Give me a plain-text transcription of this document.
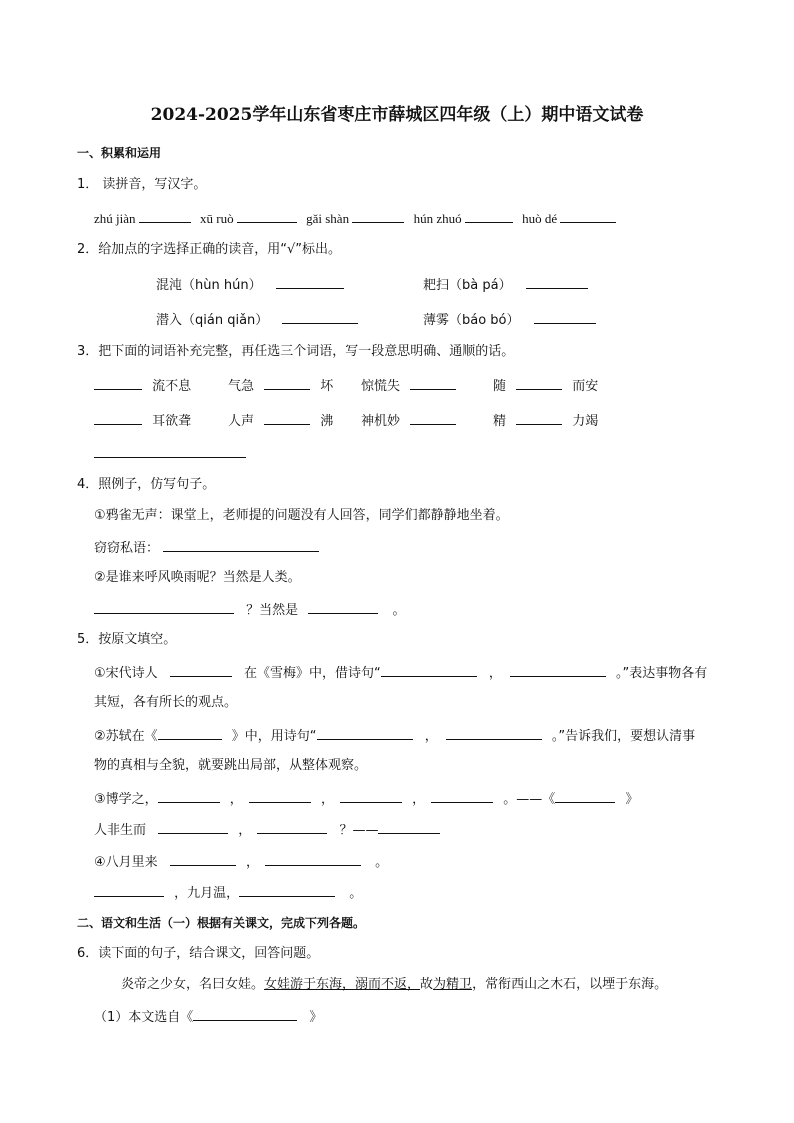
2024-2025学年山东省枣庄市薛城区四年级（上）期中语文试卷
一、积累和运用
1． 读拼音，写汉字。
zhú jiàn	xū ruò	gǎi shàn	hún zhuó	huò dé
2．给加点的字选择正确的读音，用“√”标出。
混沌（hùn hún）	耙扫（bà pá）
潜入（qián qiǎn）	薄雾（báo bó）
3．把下面的词语补充完整，再任选三个词语，写一段意思明确、通顺的话。
流不息	气急	坏 惊慌失	随	而安
耳欲聋	人声	沸 神机妙	精	力竭
4．照例子，仿写句子。
①鸦雀无声：课堂上，老师提的问题没有人回答，同学们都静静地坐着。
窃窃私语：
②是谁来呼风唤雨呢？当然是人类。
？当然是	。
5．按原文填空。
①宋代诗人	在《雪梅》中，借诗句“	，	。”表达事物各有
其短，各有所长的观点。
②苏轼在《	》中，用诗句“	，	。”告诉我们，要想认清事
物的真相与全貌，就要跳出局部，从整体观察。
③博学之，	，	，	，	。——《	》
人非生而	，	？——
④八月里来	，	。
，九月温，	。
二、语文和生活（一）根据有关课文，完成下列各题。
6．读下面的句子，结合课文，回答问题。
炎帝之少女，名曰女娃。女娃游于东海，溺而不返，故为精卫，常衔西山之木石，以堙于东海。
（1）本文选自《	》
